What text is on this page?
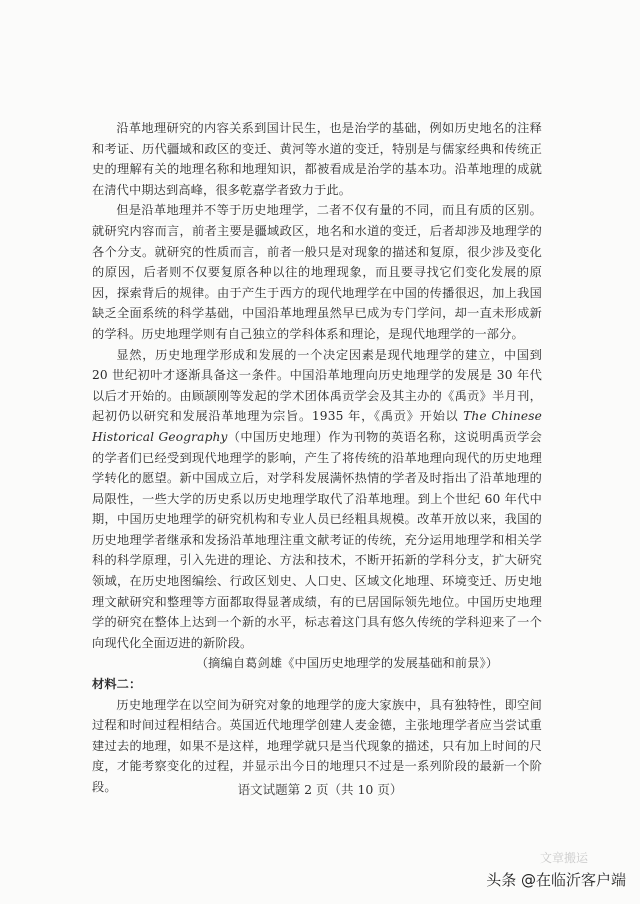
沿革地理研究的内容关系到国计民生，也是治学的基础，例如历史地名的注释和考证、历代疆域和政区的变迁、黄河等水道的变迁，特别是与儒家经典和传统正史的理解有关的地理名称和地理知识，都被看成是治学的基本功。沿革地理的成就在清代中期达到高峰，很多乾嘉学者致力于此。

但是沿革地理并不等于历史地理学，二者不仅有量的不同，而且有质的区别。就研究内容而言，前者主要是疆域政区，地名和水道的变迁，后者却涉及地理学的各个分支。就研究的性质而言，前者一般只是对现象的描述和复原，很少涉及变化的原因，后者则不仅要复原各种以往的地理现象，而且要寻找它们变化发展的原因，探索背后的规律。由于产生于西方的现代地理学在中国的传播很迟，加上我国缺乏全面系统的科学基础，中国沿革地理虽然早已成为专门学问，却一直未形成新的学科。历史地理学则有自己独立的学科体系和理论，是现代地理学的一部分。

显然，历史地理学形成和发展的一个决定因素是现代地理学的建立，中国到 20 世纪初叶才逐渐具备这一条件。中国沿革地理向历史地理学的发展是 30 年代以后才开始的。由顾颉刚等发起的学术团体禹贡学会及其主办的《禹贡》半月刊，起初仍以研究和发展沿革地理为宗旨。1935 年，《禹贡》开始以 The Chinese Historical Geography（中国历史地理）作为刊物的英语名称，这说明禹贡学会的学者们已经受到现代地理学的影响，产生了将传统的沿革地理向现代的历史地理学转化的愿望。新中国成立后，对学科发展满怀热情的学者及时指出了沿革地理的局限性，一些大学的历史系以历史地理学取代了沿革地理。到上个世纪 60 年代中期，中国历史地理学的研究机构和专业人员已经粗具规模。改革开放以来，我国的历史地理学者继承和发扬沿革地理注重文献考证的传统，充分运用地理学和相关学科的科学原理，引入先进的理论、方法和技术，不断开拓新的学科分支，扩大研究领域，在历史地图编绘、行政区划史、人口史、区域文化地理、环境变迁、历史地理文献研究和整理等方面都取得显著成绩，有的已居国际领先地位。中国历史地理学的研究在整体上达到一个新的水平，标志着这门具有悠久传统的学科迎来了一个向现代化全面迈进的新阶段。

（摘编自葛剑雄《中国历史地理学的发展基础和前景》）

材料二：

历史地理学在以空间为研究对象的地理学的庞大家族中，具有独特性，即空间过程和时间过程相结合。英国近代地理学创建人麦金德，主张地理学者应当尝试重建过去的地理，如果不是这样，地理学就只是当代现象的描述，只有加上时间的尺度，才能考察变化的过程，并显示出今日的地理只不过是一系列阶段的最新一个阶段。	语文试题第 2 页（共 10 页）
文章搬运
头条 @在临沂客户端
